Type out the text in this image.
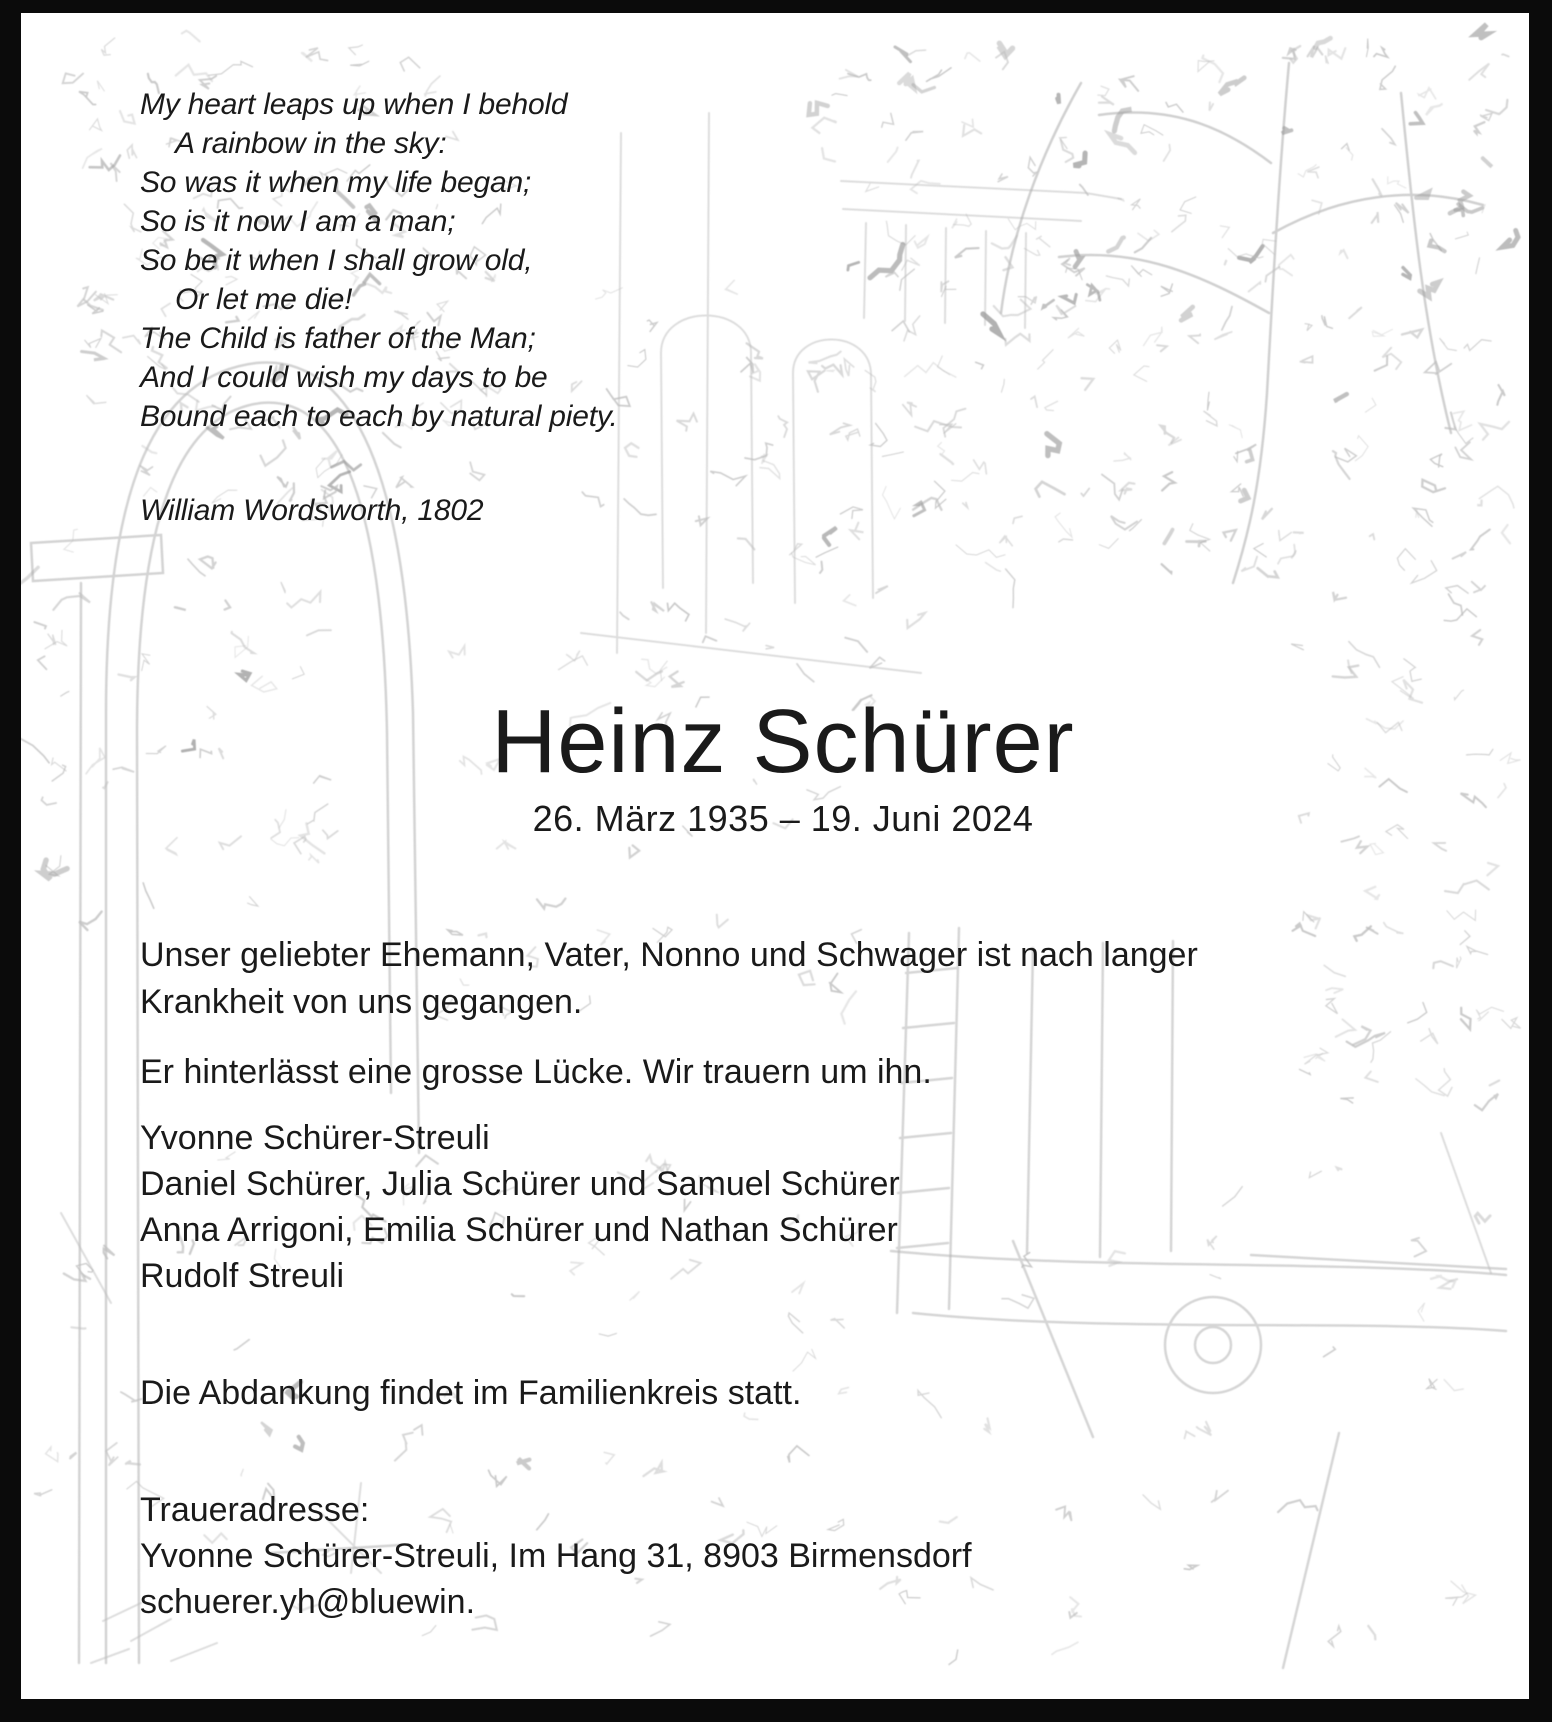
My heart leaps up when I behold
A rainbow in the sky:
So was it when my life began;
So is it now I am a man;
So be it when I shall grow old,
Or let me die!
The Child is father of the Man;
And I could wish my days to be
Bound each to each by natural piety.
William Wordsworth, 1802
Heinz Schürer
26. März 1935 – 19. Juni 2024
Unser geliebter Ehemann, Vater, Nonno und Schwager ist nach langer
Krankheit von uns gegangen.
Er hinterlässt eine grosse Lücke. Wir trauern um ihn.
Yvonne Schürer-Streuli
Daniel Schürer, Julia Schürer und Samuel Schürer
Anna Arrigoni, Emilia Schürer und Nathan Schürer
Rudolf Streuli
Die Abdankung findet im Familienkreis statt.
Traueradresse:
Yvonne Schürer-Streuli, Im Hang 31, 8903 Birmensdorf
schuerer.yh@bluewin.
